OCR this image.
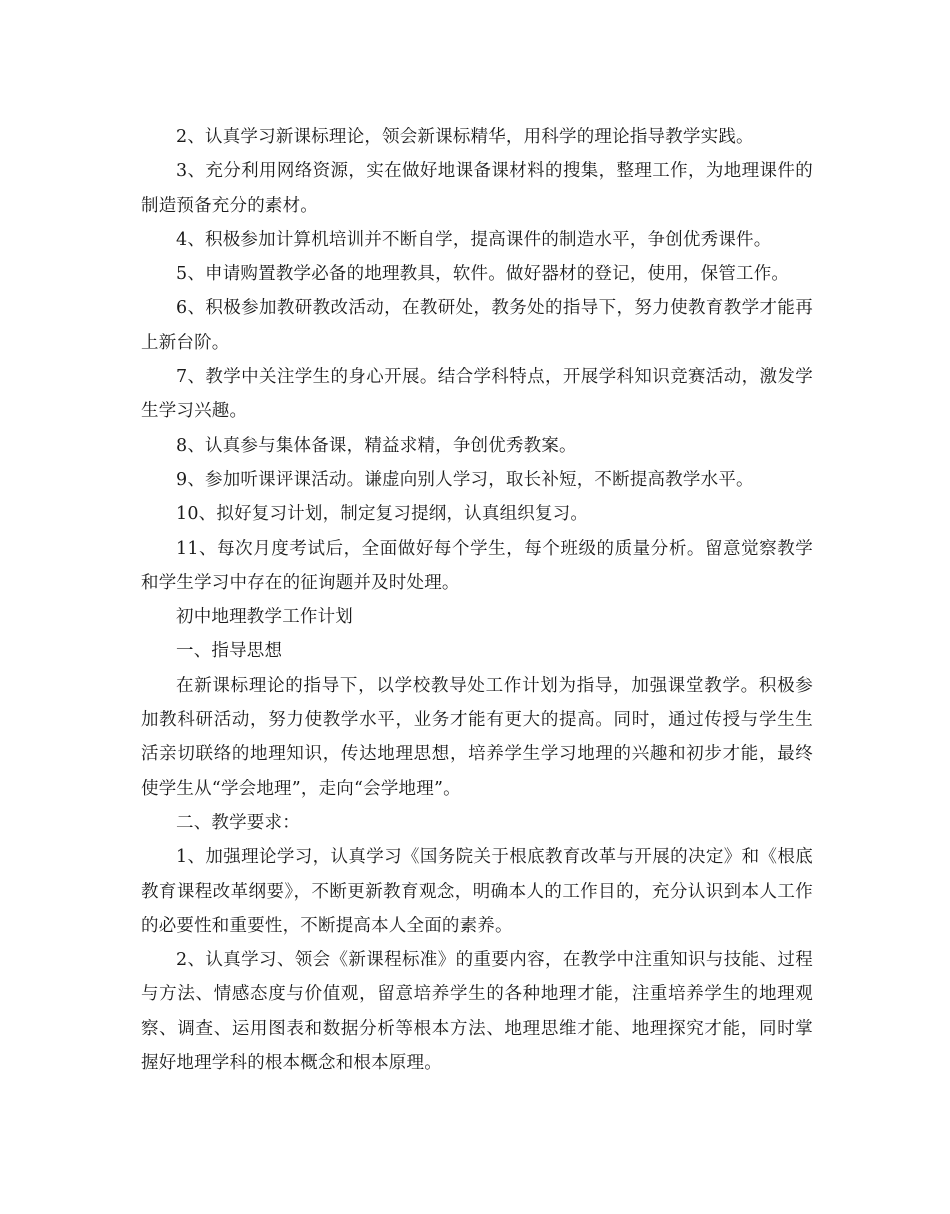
2、认真学习新课标理论，领会新课标精华，用科学的理论指导教学实践。

3、充分利用网络资源，实在做好地课备课材料的搜集，整理工作，为地理课件的制造预备充分的素材。

4、积极参加计算机培训并不断自学，提高课件的制造水平，争创优秀课件。

5、申请购置教学必备的地理教具，软件。做好器材的登记，使用，保管工作。

6、积极参加教研教改活动，在教研处，教务处的指导下，努力使教育教学才能再上新台阶。

7、教学中关注学生的身心开展。结合学科特点，开展学科知识竞赛活动，激发学生学习兴趣。

8、认真参与集体备课，精益求精，争创优秀教案。

9、参加听课评课活动。谦虚向别人学习，取长补短，不断提高教学水平。

10、拟好复习计划，制定复习提纲，认真组织复习。

11、每次月度考试后，全面做好每个学生，每个班级的质量分析。留意觉察教学和学生学习中存在的征询题并及时处理。

初中地理教学工作计划

一、指导思想

在新课标理论的指导下，以学校教导处工作计划为指导，加强课堂教学。积极参加教科研活动，努力使教学水平，业务才能有更大的提高。同时，通过传授与学生生活亲切联络的地理知识，传达地理思想，培养学生学习地理的兴趣和初步才能，最终使学生从“学会地理”，走向“会学地理”。

二、教学要求：

1、加强理论学习，认真学习《国务院关于根底教育改革与开展的决定》和《根底教育课程改革纲要》，不断更新教育观念，明确本人的工作目的，充分认识到本人工作的必要性和重要性，不断提高本人全面的素养。

2、认真学习、领会《新课程标准》的重要内容，在教学中注重知识与技能、过程与方法、情感态度与价值观，留意培养学生的各种地理才能，注重培养学生的地理观察、调查、运用图表和数据分析等根本方法、地理思维才能、地理探究才能，同时掌握好地理学科的根本概念和根本原理。
